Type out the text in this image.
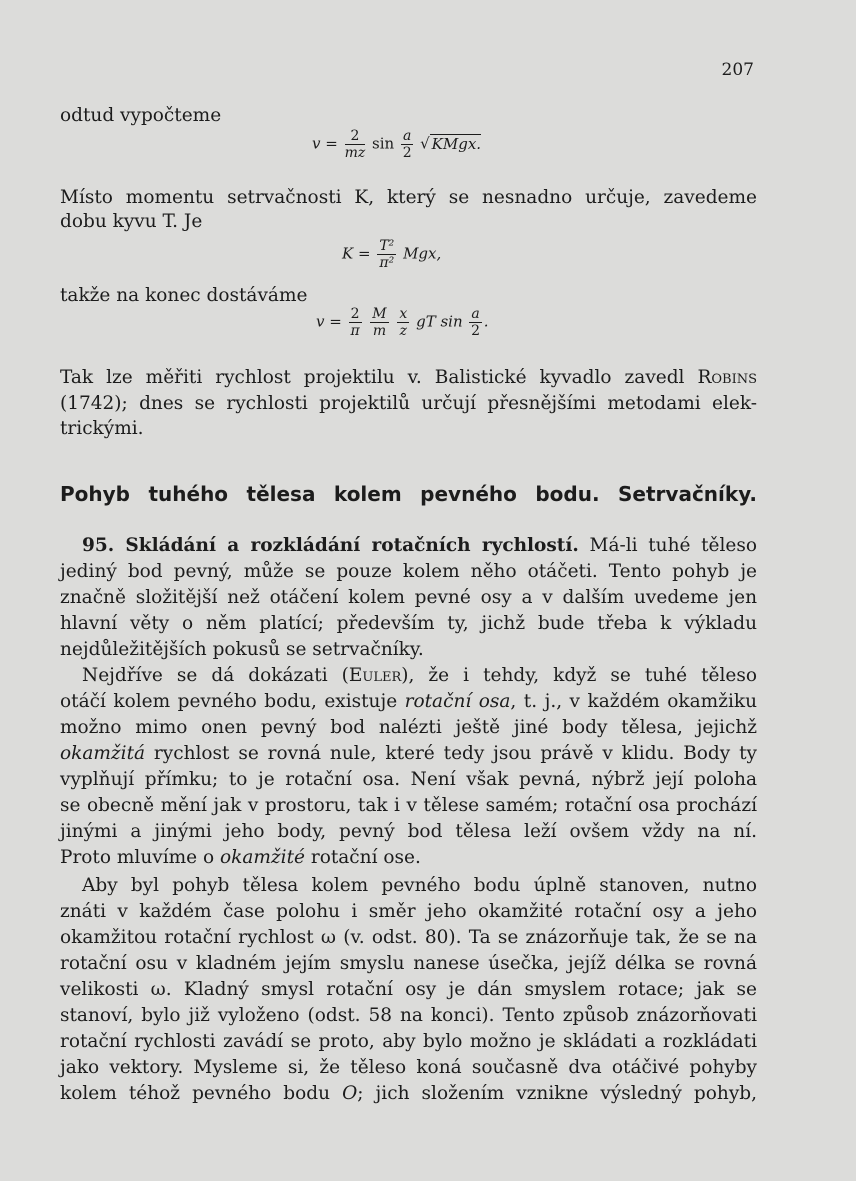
207
odtud vypočteme
$v = \frac{2}{mz}$ $\sin \frac{a}{2}$ √ KMgx.
Místo momentu setrvačnosti K, který se nesnadno určuje, zavedeme
dobu kyvu T. Je
$K = \frac{\text{T²}}{\text{π²}}$ Mgx,
takže na konec dostáváme
$v = \frac{2}{\pi}$
$\frac{M}{m}$
$\frac{x}{z}$ gT $\sin \frac{a}{2}$ .
Tak lze měřiti rychlost projektilu v. Balistické kyvadlo zavedl Robins
(1742); dnes se rychlosti projektilů určují přesnějšími metodami elek-
trickými.
Pohyb tuhého tělesa kolem pevného bodu. Setrvačníky.
95. Skládání a rozkládání rotačních rychlostí. Má-li tuhé těleso
jediný bod pevný, může se pouze kolem něho otáčeti. Tento pohyb je
značně složitější než otáčení kolem pevné osy a v dalším uvedeme jen
hlavní věty o něm platící; především ty, jichž bude třeba k výkladu
nejdůležitějších pokusů se setrvačníky.
Nejdříve se dá dokázati (Euler), že i tehdy, když se tuhé těleso
otáčí kolem pevného bodu, existuje rotační osa, t. j., v každém okamžiku
možno mimo onen pevný bod nalézti ještě jiné body tělesa, jejichž
okamžitá rychlost se rovná nule, které tedy jsou právě v klidu. Body ty
vyplňují přímku; to je rotační osa. Není však pevná, nýbrž její poloha
se obecně mění jak v prostoru, tak i v tělese samém; rotační osa prochází
jinými a jinými jeho body, pevný bod tělesa leží ovšem vždy na ní.
Proto mluvíme o okamžité rotační ose.
Aby byl pohyb tělesa kolem pevného bodu úplně stanoven, nutno
znáti v každém čase polohu i směr jeho okamžité rotační osy a jeho
okamžitou rotační rychlost ω (v. odst. 80). Ta se znázorňuje tak, že se na
rotační osu v kladném jejím smyslu nanese úsečka, jejíž délka se rovná
velikosti ω. Kladný smysl rotační osy je dán smyslem rotace; jak se
stanoví, bylo již vyloženo (odst. 58 na konci). Tento způsob znázorňovati
rotační rychlosti zavádí se proto, aby bylo možno je skládati a rozkládati
jako vektory. Mysleme si, že těleso koná současně dva otáčivé pohyby
kolem téhož pevného bodu O; jich složením vznikne výsledný pohyb,
